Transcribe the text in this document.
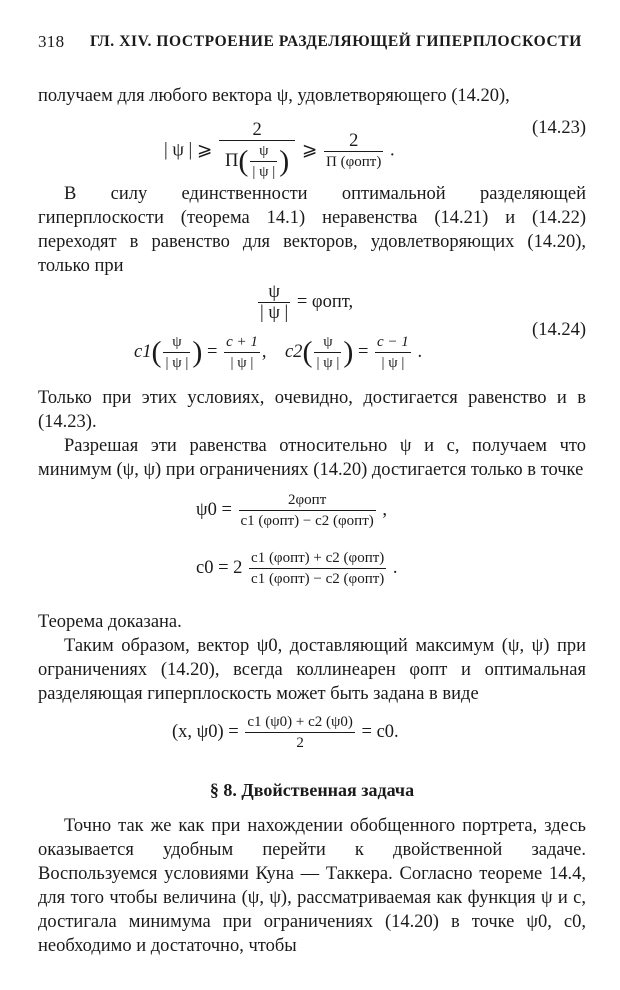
318 ГЛ. XIV. ПОСТРОЕНИЕ РАЗДЕЛЯЮЩЕЙ ГИПЕРПЛОСКОСТИ

получаем для любого вектора ψ, удовлетворяющего (14.20),

| ψ | ⩾ $\frac{2}{\Pi( \frac{\psi}{| \psi |} )}$ ⩾ $\frac{2}{\text{Π (φопт)}}$ .
(14.23)

В силу единственности оптимальной разделяющей гиперплоскости (теорема 14.1) неравенства (14.21) и (14.22) переходят в равенство для векторов, удовлетворяющих (14.20), только при

$\frac{\psi}{| \psi |} = \varphi опт$,
$c1( \frac{\psi}{| \psi |}$ ) = $\frac{c + 1}{| \psi |}$ , $c2( \frac{\psi}{| \psi |}$ ) = $\frac{c - 1}{| \psi |}$ .
(14.24)

Только при этих условиях, очевидно, достигается равенство и в (14.23).

Разрешая эти равенства относительно ψ и c, получаем что минимум (ψ, ψ) при ограничениях (14.20) достигается только в точке

$\psi 0 = \frac{\text{2φопт}}{\text{c1 (φопт) − c2 (φопт)}}$ ,
$c0 = 2 \frac{\text{c1 (φопт) + c2 (φопт)}}{\text{c1 (φопт) − c2 (φопт)}}$ .

Теорема доказана.

Таким образом, вектор ψ0, доставляющий максимум (ψ, ψ) при ограничениях (14.20), всегда коллинеарен φопт и оптимальная разделяющая гиперплоскость может быть задана в виде

(x, $\psi 0) = \frac{c1 (\psi 0) + c2 (\psi 0)}{2} = c0$.
§ 8. Двойственная задача

Точно так же как при нахождении обобщенного портрета, здесь оказывается удобным перейти к двойственной задаче. Воспользуемся условиями Куна — Таккера. Согласно теореме 14.4, для того чтобы величина (ψ, ψ), рассматриваемая как функция ψ и c, достигала минимума при ограничениях (14.20) в точке ψ0, c0, необходимо и достаточно, чтобы
